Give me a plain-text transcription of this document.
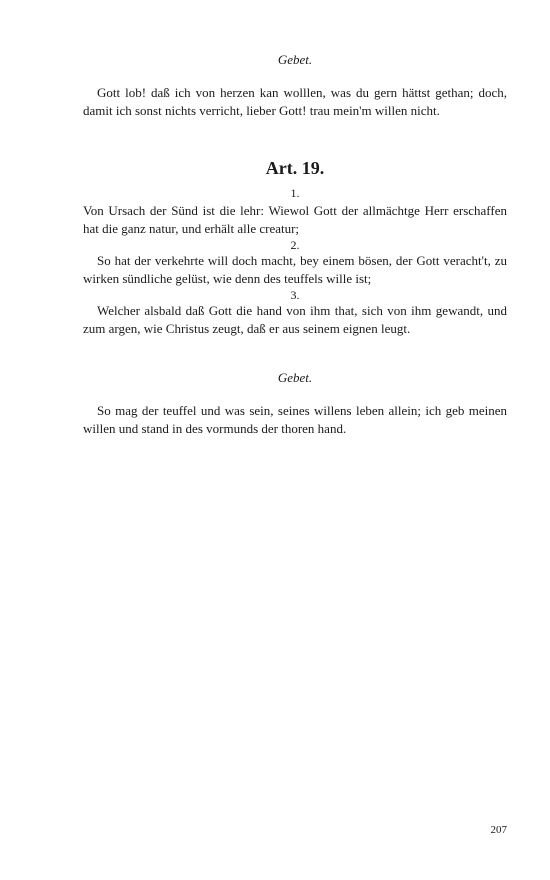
Gebet.
Gott lob! daß ich von herzen kan wolllen, was du gern hättst gethan; doch, damit ich sonst nichts verricht, lieber Gott! trau mein'm willen nicht.
Art. 19.
1.
Von Ursach der Sünd ist die lehr: Wiewol Gott der allmächtge Herr erschaffen hat die ganz natur, und erhält alle creatur;
2.
So hat der verkehrte will doch macht, bey einem bösen, der Gott veracht't, zu wirken sündliche gelüst, wie denn des teuffels wille ist;
3.
Welcher alsbald daß Gott die hand von ihm that, sich von ihm gewandt, und zum argen, wie Christus zeugt, daß er aus seinem eignen leugt.
Gebet.
So mag der teuffel und was sein, seines willens leben allein; ich geb meinen willen und stand in des vormunds der thoren hand.
207
